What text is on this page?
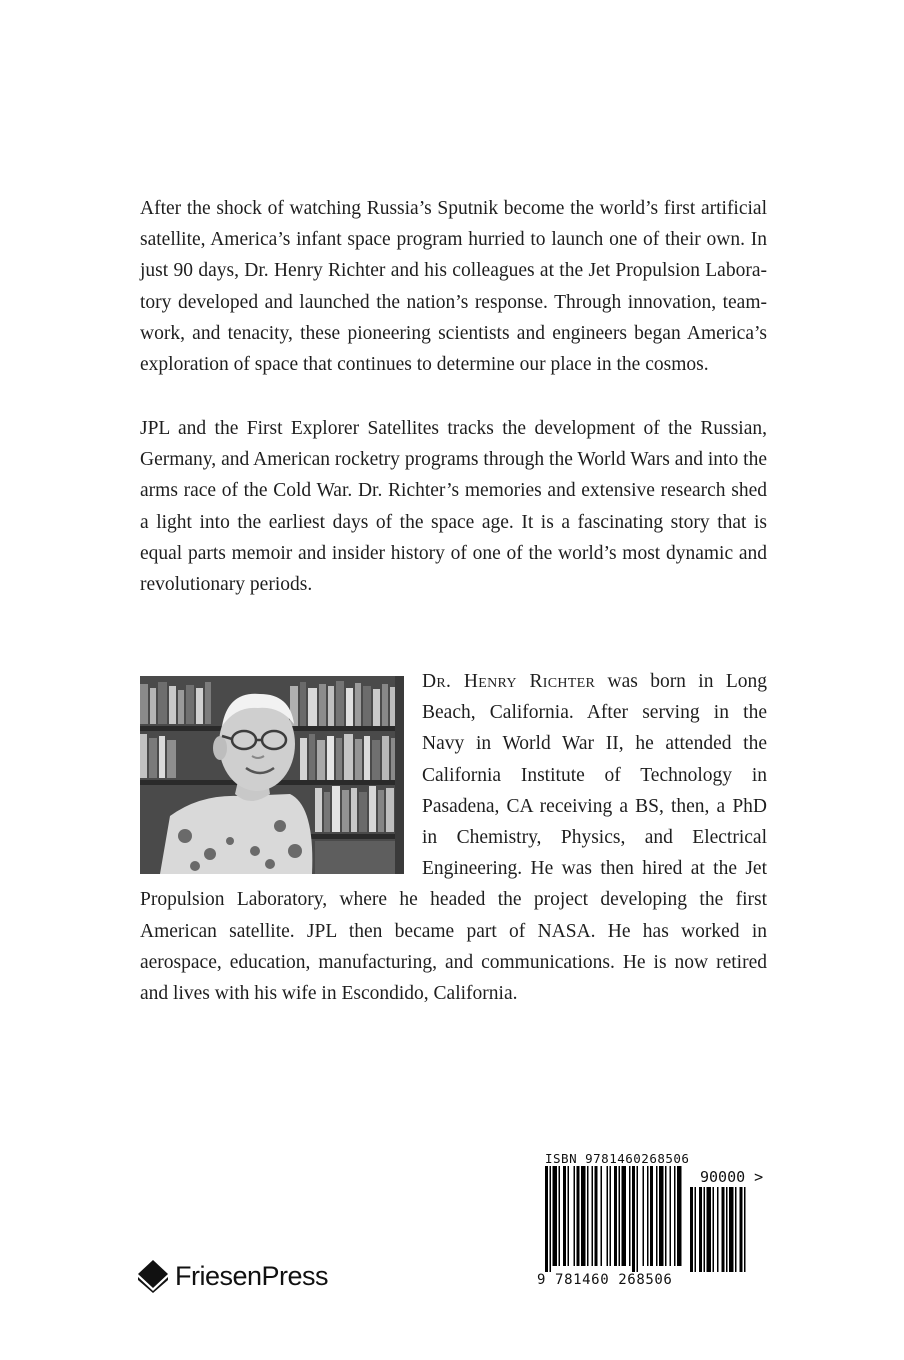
After the shock of watching Russia’s Sputnik become the world’s first artificial satellite, America’s infant space program hurried to launch one of their own. In just 90 days, Dr. Henry Richter and his colleagues at the Jet Propulsion Laboratory developed and launched the nation’s response. Through innovation, teamwork, and tenacity, these pioneering scientists and engineers began America’s exploration of space that continues to determine our place in the cosmos.

JPL and the First Explorer Satellites tracks the development of the Russian, Germany, and American rocketry programs through the World Wars and into the arms race of the Cold War. Dr. Richter’s memories and extensive research shed a light into the earliest days of the space age. It is a fascinating story that is equal parts memoir and insider history of one of the world’s most dynamic and revolutionary periods.

Dr. Henry Richter was born in Long Beach, California. After serving in the Navy in World War II, he attended the California Institute of Technology in Pasadena, CA receiving a BS, then, a PhD in Chemistry, Physics, and Electrical Engineering. He was then hired at the Jet Propulsion Laboratory, where he headed the project developing the first American satellite. JPL then became part of NASA. He has worked in aerospace, education, manufacturing, and communications. He is now retired and lives with his wife in Escondido, California.
ISBN 9781460268506
90000 >
9 781460 268506
FriesenPress
